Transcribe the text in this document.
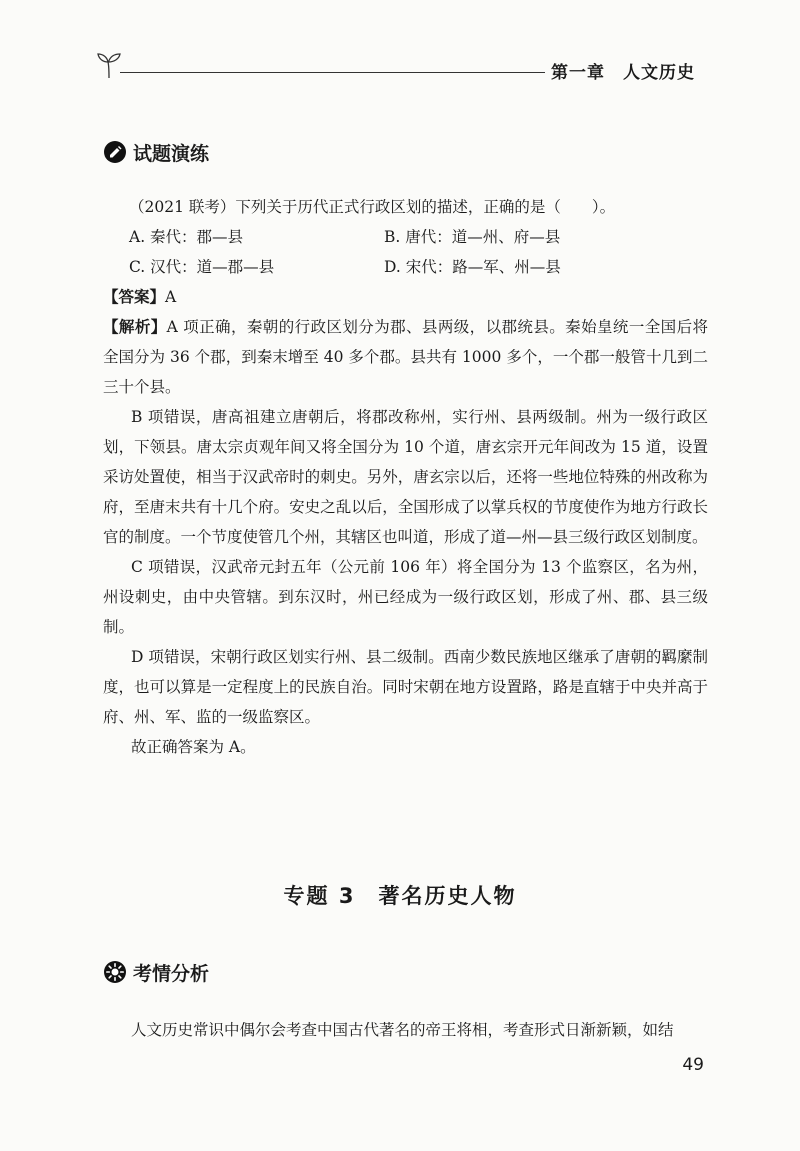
第一章　人文历史
试题演练
（2021 联考）下列关于历代正式行政区划的描述，正确的是（　　）。
A. 秦代：郡—县	B. 唐代：道—州、府—县
C. 汉代：道—郡—县	D. 宋代：路—军、州—县

【答案】A

【解析】A 项正确，秦朝的行政区划分为郡、县两级，以郡统县。秦始皇统一全国后将全国分为 36 个郡，到秦末增至 40 多个郡。县共有 1000 多个，一个郡一般管十几到二三十个县。

B 项错误，唐高祖建立唐朝后，将郡改称州，实行州、县两级制。州为一级行政区划，下领县。唐太宗贞观年间又将全国分为 10 个道，唐玄宗开元年间改为 15 道，设置采访处置使，相当于汉武帝时的刺史。另外，唐玄宗以后，还将一些地位特殊的州改称为府，至唐末共有十几个府。安史之乱以后，全国形成了以掌兵权的节度使作为地方行政长官的制度。一个节度使管几个州，其辖区也叫道，形成了道—州—县三级行政区划制度。

C 项错误，汉武帝元封五年（公元前 106 年）将全国分为 13 个监察区，名为州，州设刺史，由中央管辖。到东汉时，州已经成为一级行政区划，形成了州、郡、县三级制。

D 项错误，宋朝行政区划实行州、县二级制。西南少数民族地区继承了唐朝的羁縻制度，也可以算是一定程度上的民族自治。同时宋朝在地方设置路，路是直辖于中央并高于府、州、军、监的一级监察区。

故正确答案为 A。

专题 3　著名历史人物
考情分析
人文历史常识中偶尔会考查中国古代著名的帝王将相，考查形式日渐新颖，如结
49
